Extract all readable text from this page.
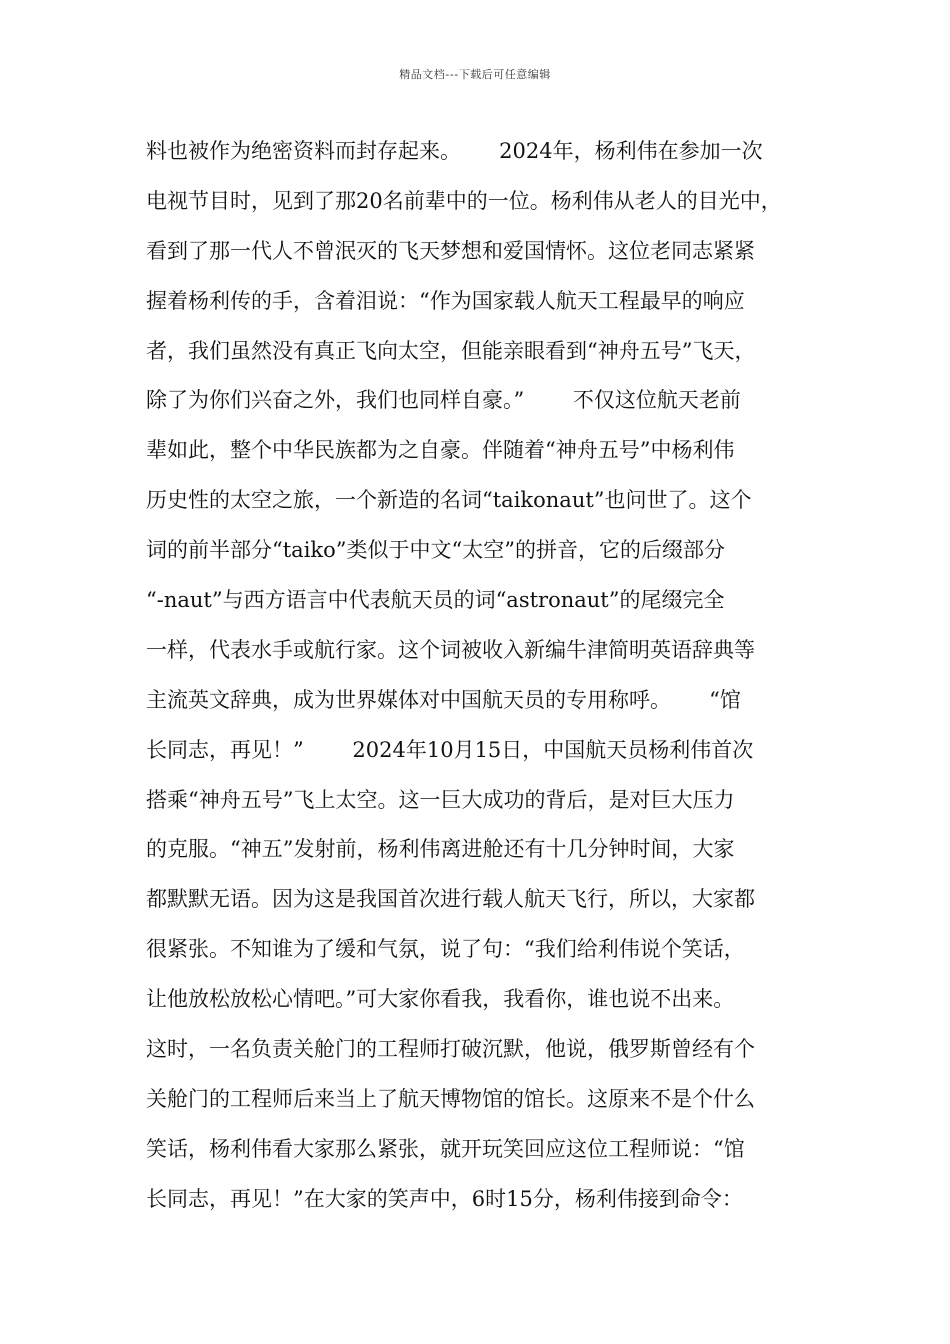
精品文档---下载后可任意编辑
料也被作为绝密资料而封存起来。　　 2024年，杨利伟在参加一次
电视节目时，见到了那20名前辈中的一位。杨利伟从老人的目光中，
看到了那一代人不曾泯灭的飞天梦想和爱国情怀。这位老同志紧紧
握着杨利传的手，含着泪说：“作为国家载人航天工程最早的响应
者，我们虽然没有真正飞向太空，但能亲眼看到“神舟五号”飞天，
除了为你们兴奋之外，我们也同样自豪。”　　 不仅这位航天老前
辈如此，整个中华民族都为之自豪。伴随着“神舟五号”中杨利伟
历史性的太空之旅，一个新造的名词“taikonaut”也问世了。这个
词的前半部分“taiko”类似于中文“太空”的拼音，它的后缀部分
“-naut”与西方语言中代表航天员的词“astronaut”的尾缀完全
一样，代表水手或航行家。这个词被收入新编牛津简明英语辞典等
主流英文辞典，成为世界媒体对中国航天员的专用称呼。　　 “馆
长同志，再见！”　　 2024年10月15日，中国航天员杨利伟首次
搭乘“神舟五号”飞上太空。这一巨大成功的背后，是对巨大压力
的克服。“神五”发射前，杨利伟离进舱还有十几分钟时间，大家
都默默无语。因为这是我国首次进行载人航天飞行，所以，大家都
很紧张。不知谁为了缓和气氛，说了句：“我们给利伟说个笑话，
让他放松放松心情吧。”可大家你看我，我看你，谁也说不出来。
这时，一名负责关舱门的工程师打破沉默，他说，俄罗斯曾经有个
关舱门的工程师后来当上了航天博物馆的馆长。这原来不是个什么
笑话，杨利伟看大家那么紧张，就开玩笑回应这位工程师说：“馆
长同志，再见！”在大家的笑声中，6时15分，杨利伟接到命令：
